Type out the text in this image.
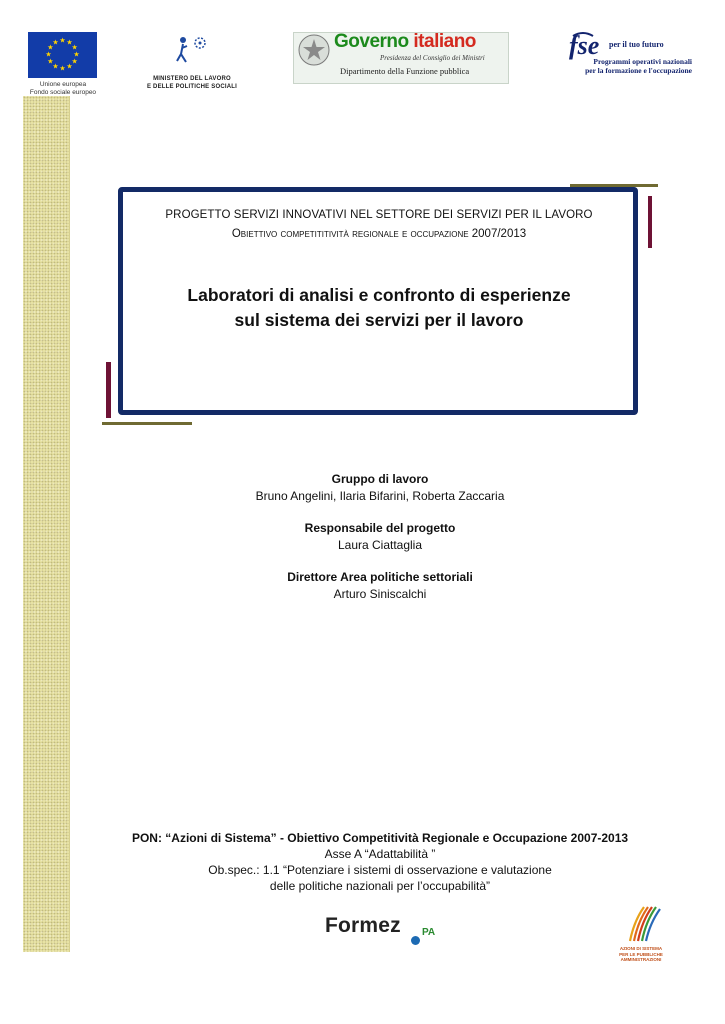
★ ★
★
★
★
★
★
★
★
★
★
★
Unione europea
Fondo sociale europeo
MINISTERO DEL LAVORO
E DELLE POLITICHE SOCIALI
Governo italiano
Presidenza del Consiglio dei Ministri
Dipartimento della Funzione pubblica
fse per il tuo futuro
Programmi operativi nazionali
per la formazione e l'occupazione
PROGETTO SERVIZI INNOVATIVI NEL SETTORE DEI SERVIZI PER IL LAVORO
Obiettivo competititività regionale e occupazione 2007/2013
Laboratori di analisi e confronto di esperienze
sul sistema dei servizi per il lavoro
Gruppo di lavoro
Bruno Angelini, Ilaria Bifarini, Roberta Zaccaria
Responsabile del progetto
Laura Ciattaglia
Direttore Area politiche settoriali
Arturo Siniscalchi
PON: “Azioni di Sistema” - Obiettivo Competitività Regionale e Occupazione 2007-2013
Asse A “Adattabilità ”
Ob.spec.: 1.1 “Potenziare i sistemi di osservazione e valutazione
delle politiche nazionali per l’occupabilità”
Formez PA
AZIONI DI SISTEMA
PER LE PUBBLICHE
AMMINISTRAZIONI
